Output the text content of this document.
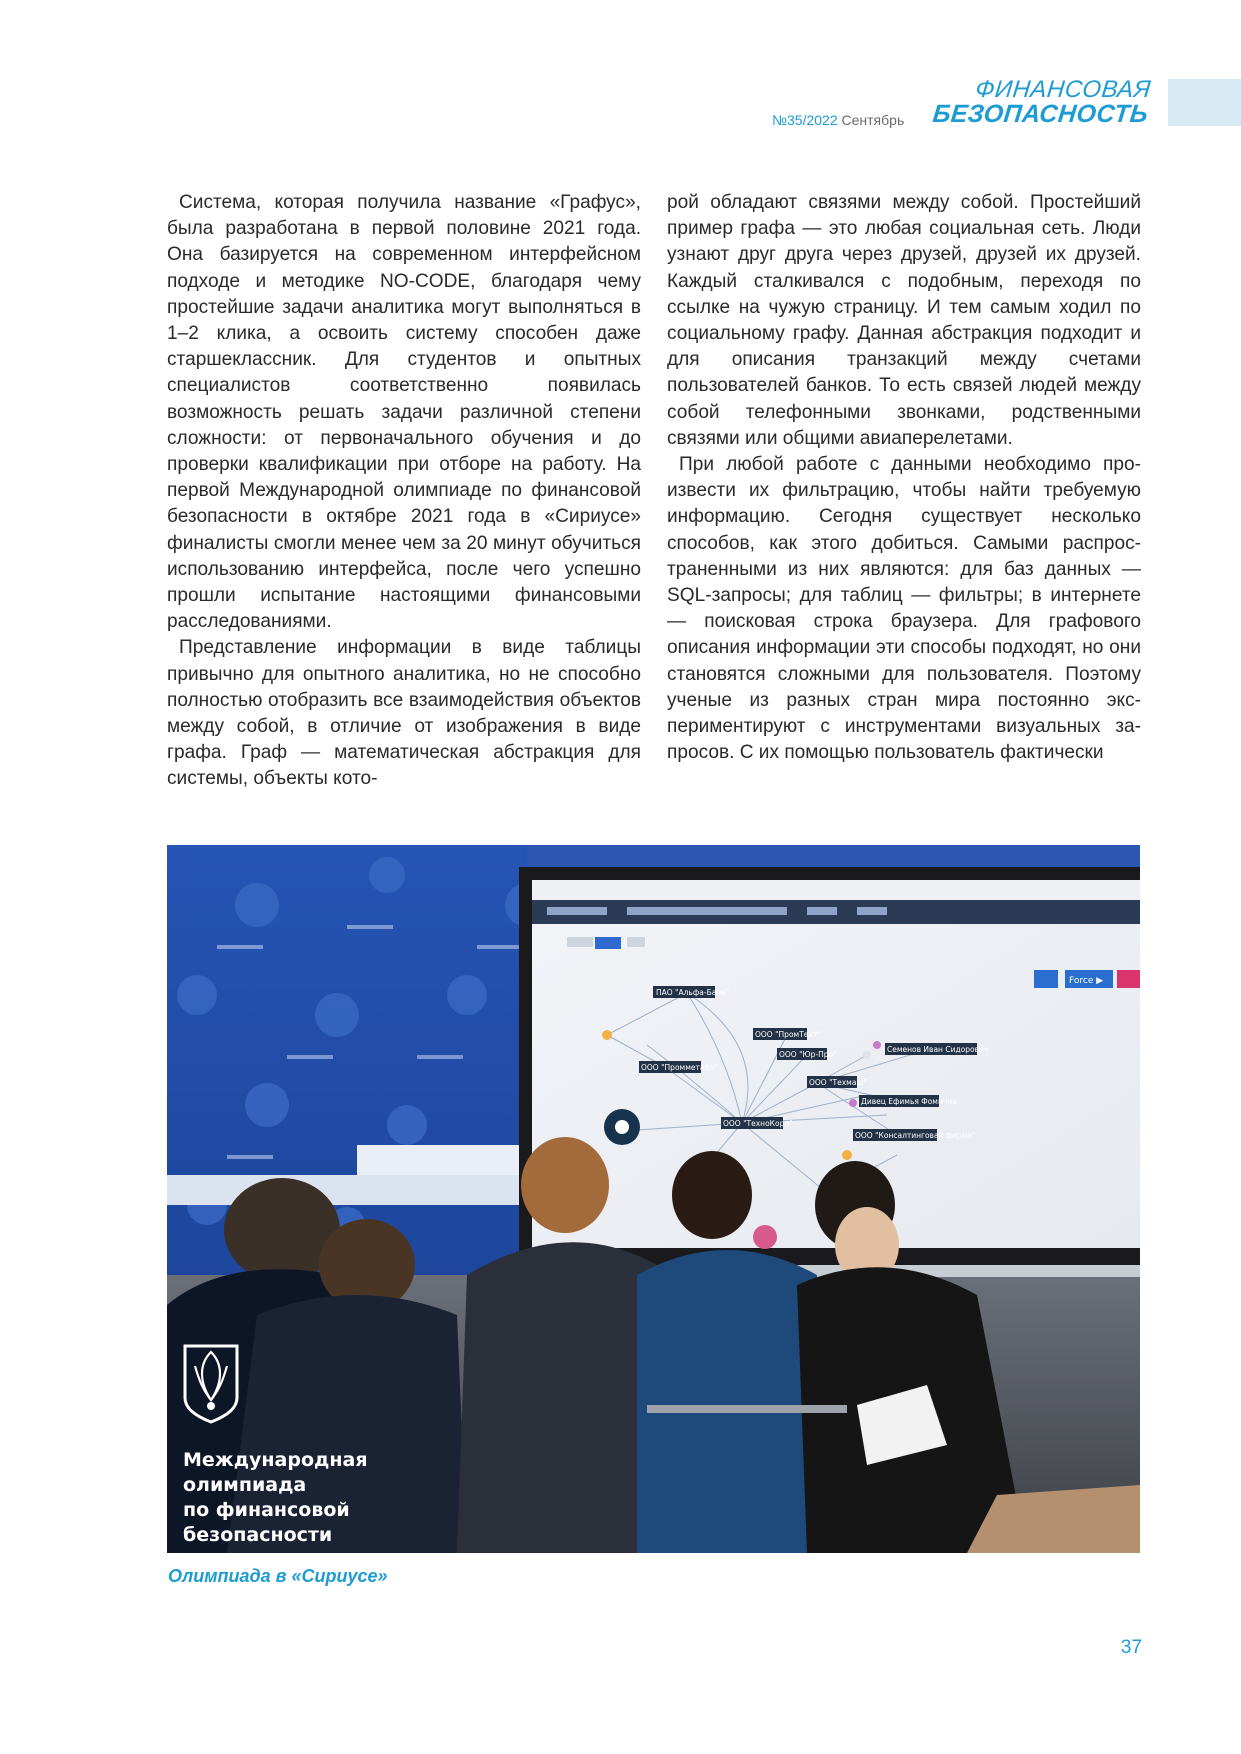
ФИНАНСОВАЯ
БЕЗОПАСНОСТЬ
№35/2022 Сентябрь

Система, которая получила название «Графус», была разработана в первой половине 2021 года. Она базируется на современном интерфейсном подходе и методике NO-CODE, благодаря чему простейшие задачи аналитика могут выполняться в 1–2 клика, а освоить систему способен даже старшеклассник. Для студентов и опытных специалистов соответственно появилась возможность решать задачи различной степени сложности: от первоначального обучения и до проверки квалификации при отборе на работу. На первой Международной олимпиаде по финансовой безопасности в октябре 2021 года в «Сириусе» финалисты смогли менее чем за 20 минут обучиться использованию интерфейса, после чего успешно прошли испытание настоящими финансовыми расследованиями.

Представление информации в виде таблицы привычно для опытного аналитика, но не способно полностью отобразить все взаимодействия объектов между собой, в отличие от изображения в виде графа. Граф — математическая абстракция для системы, объекты кото-

рой обладают связями между собой. Простейший пример графа — это любая социальная сеть. Люди узнают друг друга через друзей, друзей их друзей. Каждый сталкивался с подобным, переходя по ссылке на чужую страницу. И тем самым ходил по социальному графу. Данная абстракция подходит и для описания транзакций между счетами пользователей банков. То есть связей людей между собой телефонными звонками, родственными связями или общими авиаперелетами.

При любой работе с данными необходимо произвести их фильтрацию, чтобы найти требуемую информацию. Сегодня существует несколько способов, как этого добиться. Самыми распространенными из них являются: для баз данных — SQL-запросы; для таблиц — фильтры; в интернете — поисковая строка браузера. Для графового описания информации эти способы подходят, но они становятся сложными для пользователя. Поэтому ученые из разных стран мира постоянно экспериментируют с инструментами визуальных запросов. С их помощью пользователь фактически

Force ▶
ПАО "Альфа-Банк"
ООО "ПромТехт"
ООО "Юр-Про"
ООО "Промметалл"
ООО "Техмаш"
ООО "ТехноКорп"
ООО "Консалтинговая фирма"
Семенов Иван Сидорович
Дивец Ефимья Фомична
Международная
олимпиада
по финансовой
безопасности
Олимпиада в «Сириусе»
37
